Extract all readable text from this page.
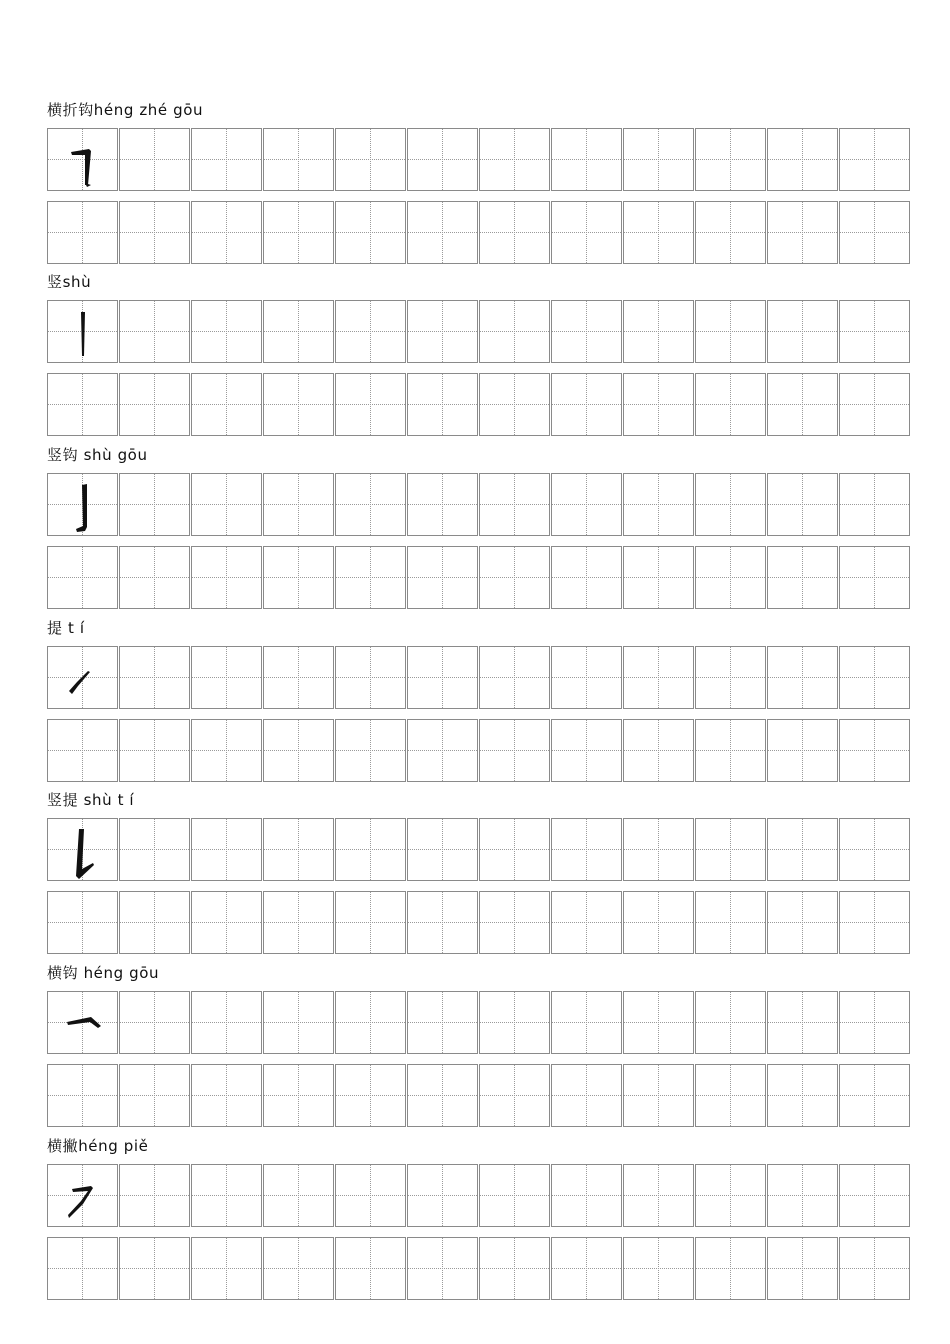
横折钩héng zhé gōu
竖shù
竖钩 shù gōu
提 t í
竖提 shù t í
横钩 héng gōu
横撇héng piě
